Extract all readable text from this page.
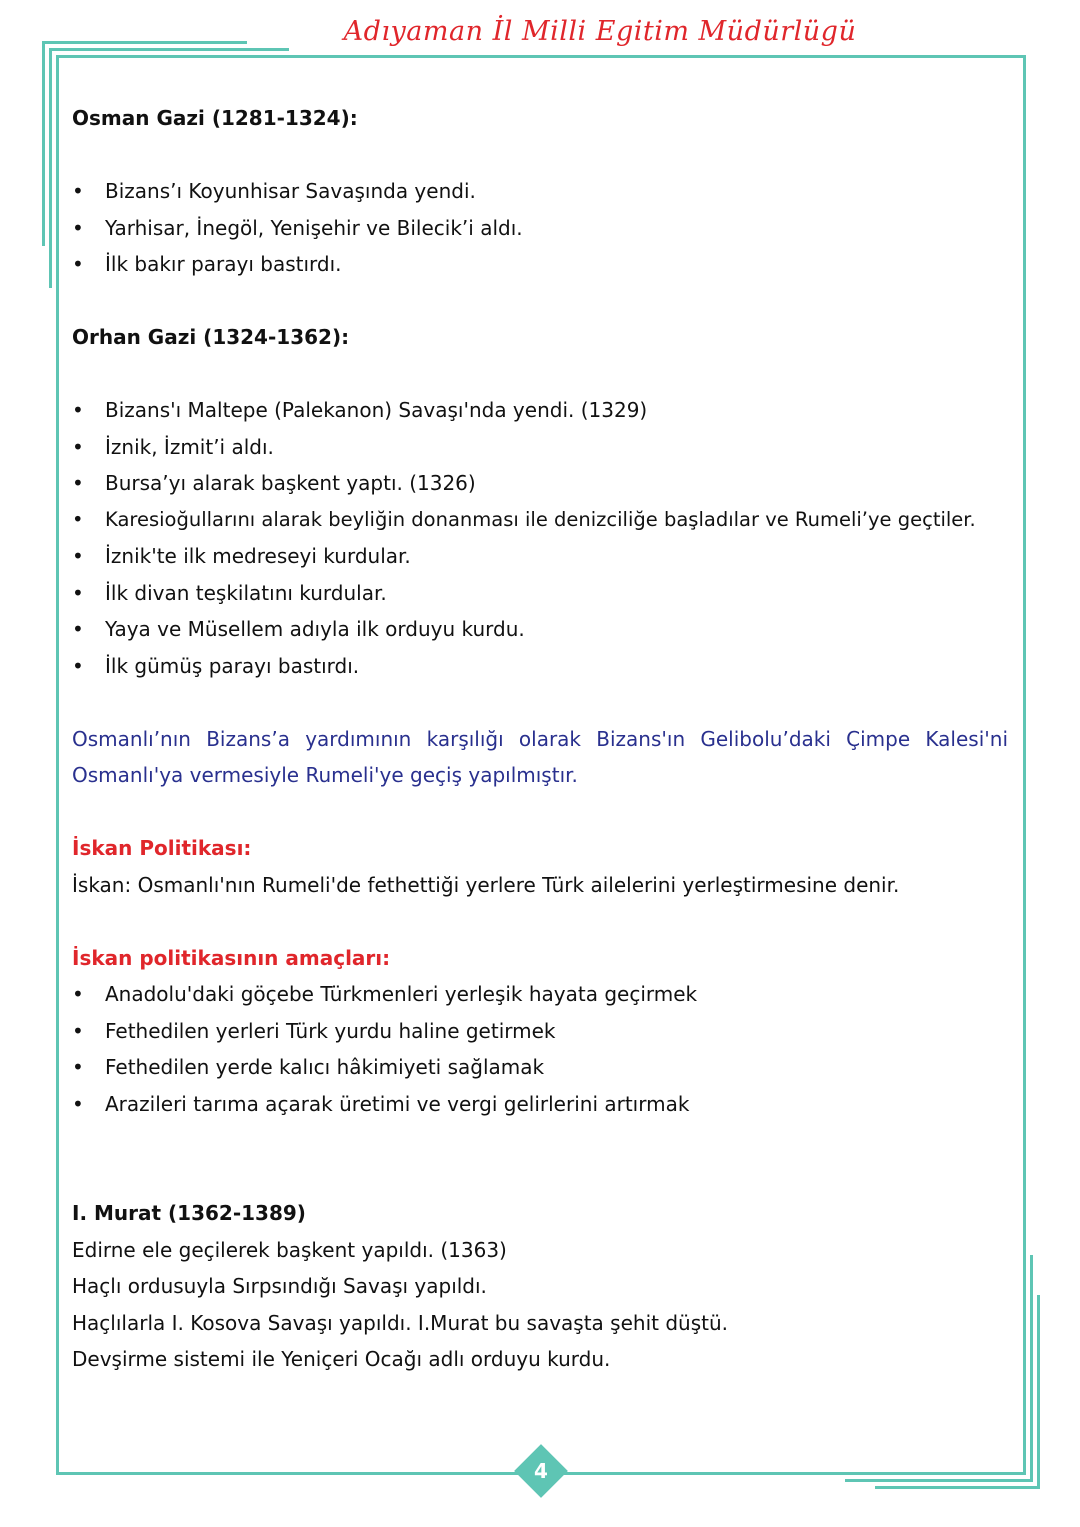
Adıyaman İl Milli Egitim Müdürlügü
Osman Gazi (1281-1324):
• Bizans’ı Koyunhisar Savaşında yendi.
• Yarhisar, İnegöl, Yenişehir ve Bilecik’i aldı.
• İlk bakır parayı bastırdı.
Orhan Gazi (1324-1362):
• Bizans'ı Maltepe (Palekanon) Savaşı'nda yendi. (1329)
• İznik, İzmit’i aldı.
• Bursa’yı alarak başkent yaptı. (1326)
• Karesioğullarını alarak beyliğin donanması ile denizciliğe başladılar ve Rumeli’ye geçtiler.
• İznik'te ilk medreseyi kurdular.
• İlk divan teşkilatını kurdular.
• Yaya ve Müsellem adıyla ilk orduyu kurdu.
• İlk gümüş parayı bastırdı.
Osmanlı’nın Bizans’a yardımının karşılığı olarak Bizans'ın Gelibolu’daki Çimpe Kalesi'ni Osmanlı'ya vermesiyle Rumeli'ye geçiş yapılmıştır.
İskan Politikası:
İskan: Osmanlı'nın Rumeli'de fethettiği yerlere Türk ailelerini yerleştirmesine denir.
İskan politikasının amaçları:
• Anadolu'daki göçebe Türkmenleri yerleşik hayata geçirmek
• Fethedilen yerleri Türk yurdu haline getirmek
• Fethedilen yerde kalıcı hâkimiyeti sağlamak
• Arazileri tarıma açarak üretimi ve vergi gelirlerini artırmak
I. Murat (1362-1389)
Edirne ele geçilerek başkent yapıldı. (1363)
Haçlı ordusuyla Sırpsındığı Savaşı yapıldı.
Haçlılarla I. Kosova Savaşı yapıldı. I.Murat bu savaşta şehit düştü.
Devşirme sistemi ile Yeniçeri Ocağı adlı orduyu kurdu.
4
